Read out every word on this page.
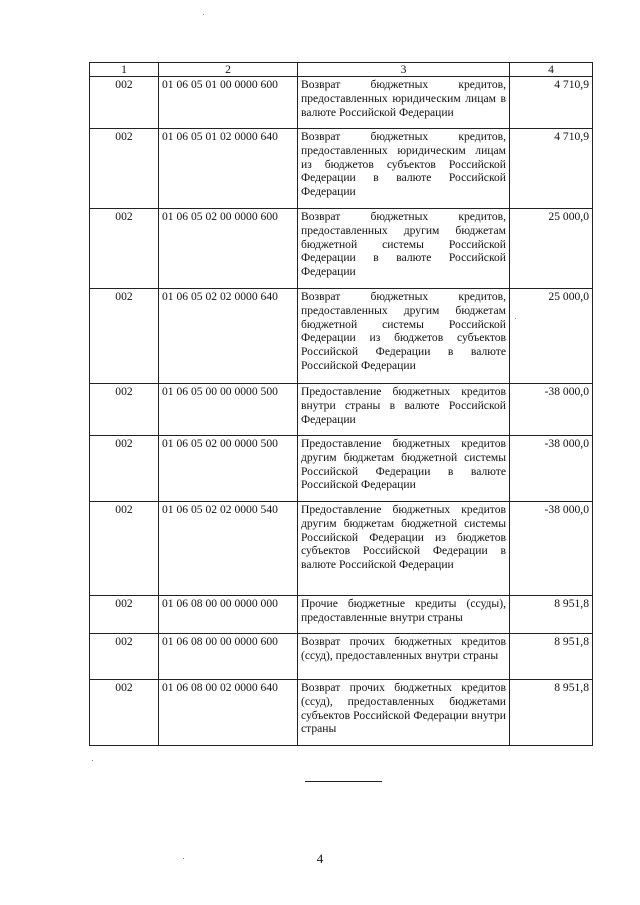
1	2	3	4
002	01 06 05 01 00 0000 600	Возврат бюджетных кредитов, предоставленных юридическим лицам в валюте Российской Федерации	4 710,9
002	01 06 05 01 02 0000 640	Возврат бюджетных кредитов, предоставленных юридическим лицам из бюджетов субъектов Российской Федерации в валюте Российской Федерации	4 710,9
002	01 06 05 02 00 0000 600	Возврат бюджетных кредитов, предоставленных другим бюджетам бюджетной системы Российской Федерации в валюте Российской Федерации	25 000,0
002	01 06 05 02 02 0000 640	Возврат бюджетных кредитов, предоставленных другим бюджетам бюджетной системы Российской Федерации из бюджетов субъектов Российской Федерации в валюте Российской Федерации	25 000,0
002	01 06 05 00 00 0000 500	Предоставление бюджетных кредитов внутри страны в валюте Российской Федерации	-38 000,0
002	01 06 05 02 00 0000 500	Предоставление бюджетных кредитов другим бюджетам бюджетной системы Российской Федерации в валюте Российской Федерации	-38 000,0
002	01 06 05 02 02 0000 540	Предоставление бюджетных кредитов другим бюджетам бюджетной системы Российской Федерации из бюджетов субъектов Российской Федерации в валюте Российской Федерации	-38 000,0
002	01 06 08 00 00 0000 000	Прочие бюджетные кредиты (ссуды), предоставленные внутри страны	8 951,8
002	01 06 08 00 00 0000 600	Возврат прочих бюджетных кредитов (ссуд), предоставленных внутри страны	8 951,8
002	01 06 08 00 02 0000 640	Возврат прочих бюджетных кредитов (ссуд), предоставленных бюджетами субъектов Российской Федерации внутри страны	8 951,8
4
